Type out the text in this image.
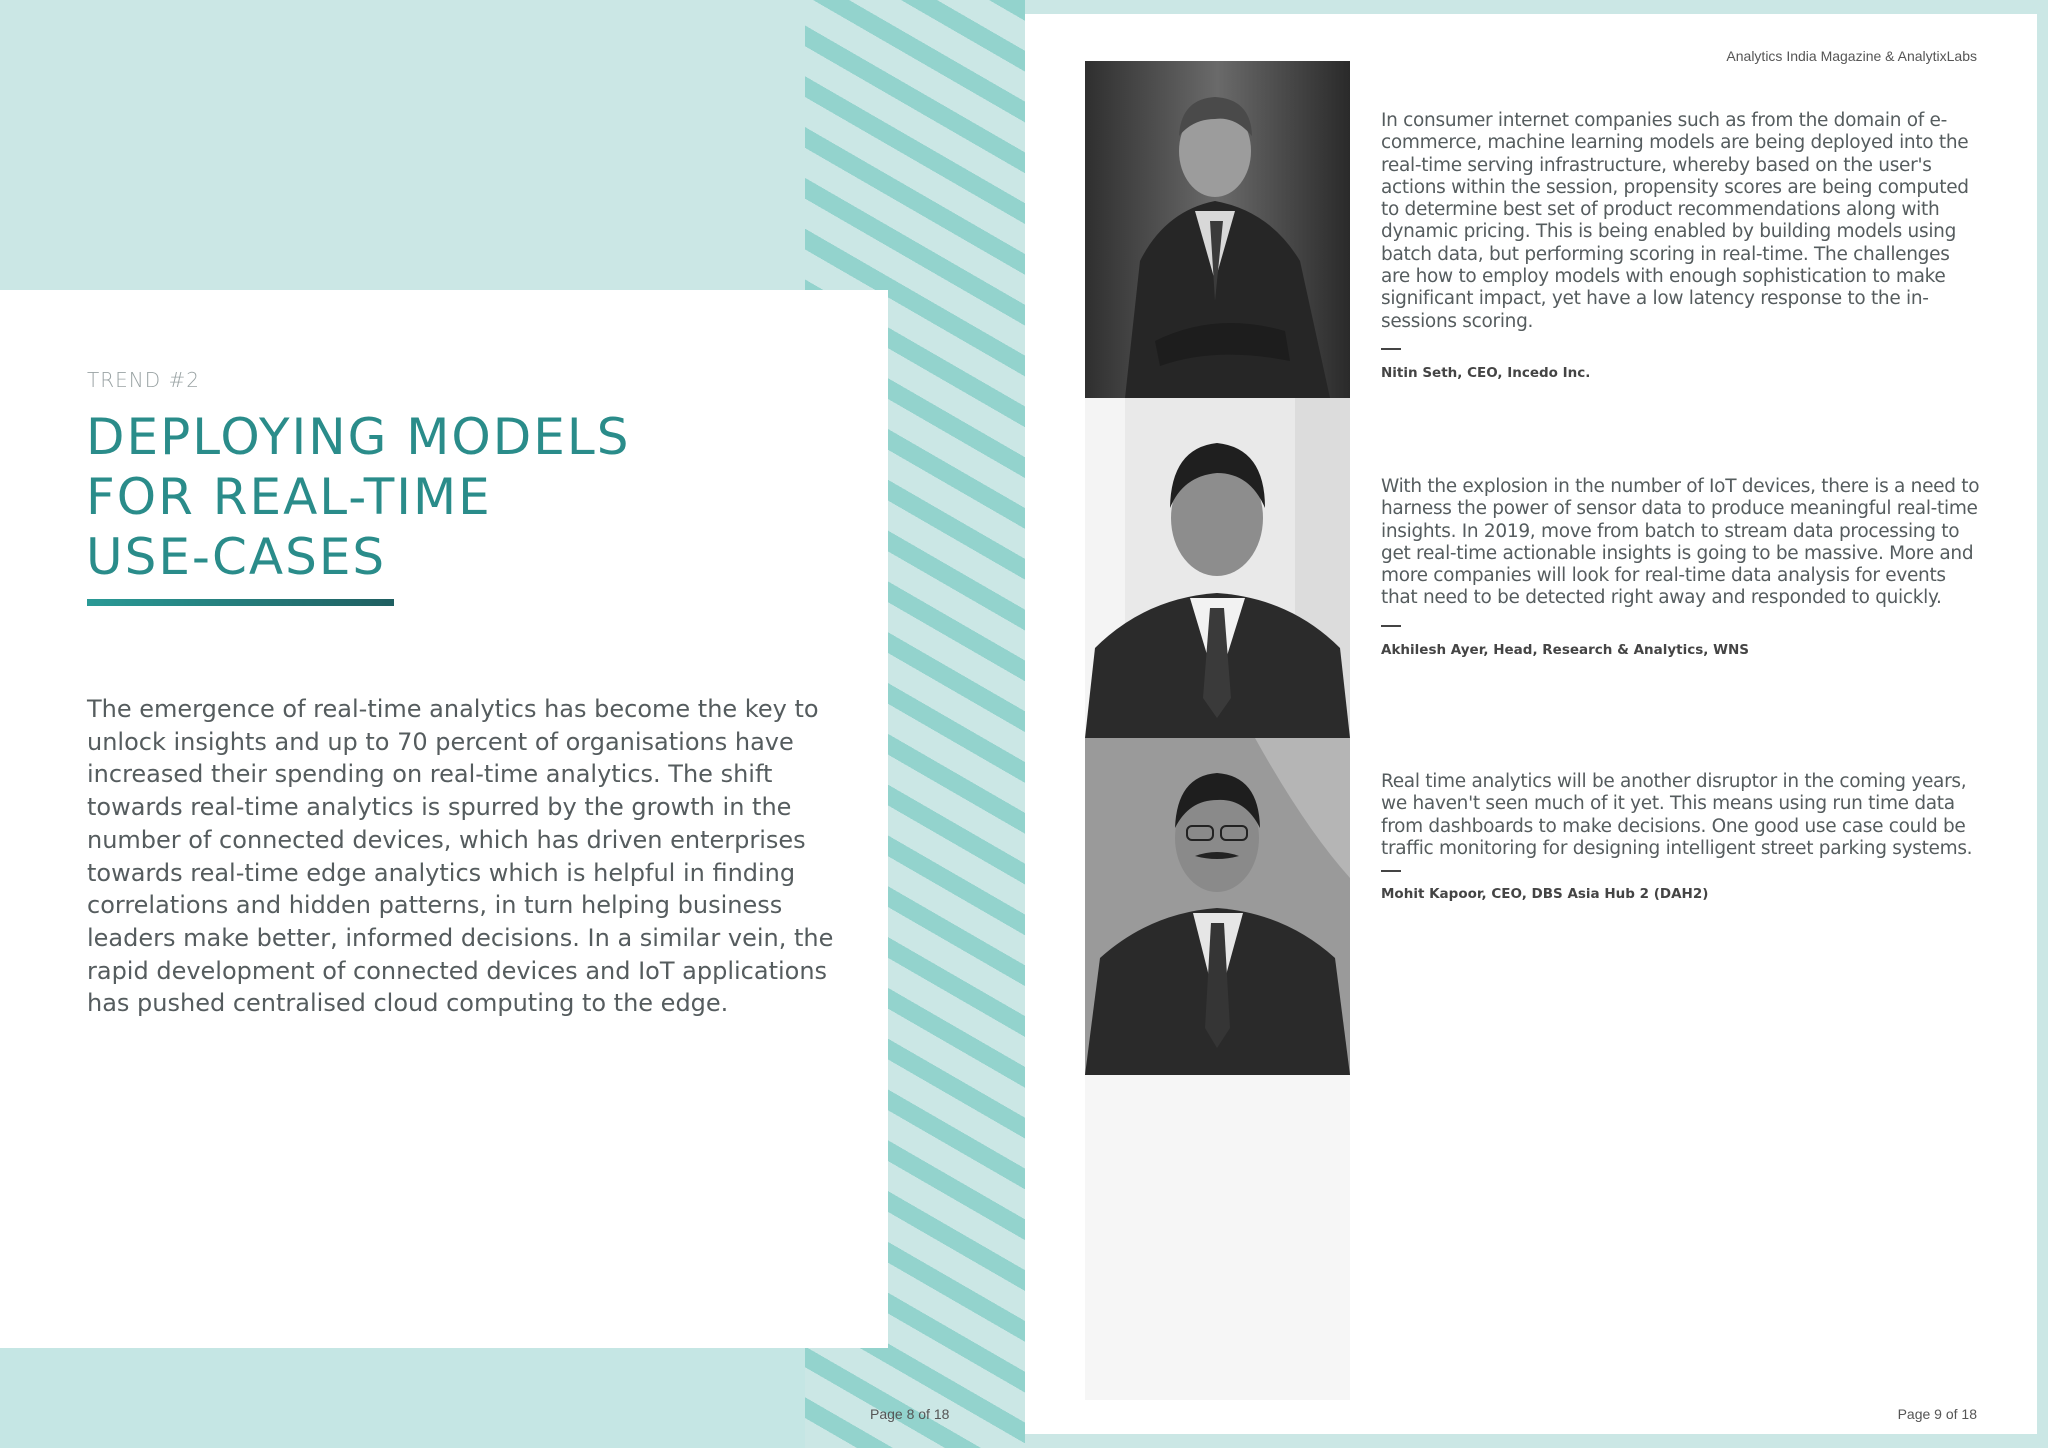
TREND #2
DEPLOYING MODELS
FOR REAL-TIME
USE-CASES

The emergence of real-time analytics has become the key to unlock insights and up to 70 percent of organisations have increased their spending on real-time analytics. The shift towards real-time analytics is spurred by the growth in the number of connected devices, which has driven enterprises towards real-time edge analytics which is helpful in finding correlations and hidden patterns, in turn helping business leaders make better, informed decisions. In a similar vein, the rapid development of connected devices and IoT applications has pushed centralised cloud computing to the edge.

Page 8 of 18
Analytics India Magazine & AnalytixLabs

In consumer internet companies such as from the domain of e-commerce, machine learning models are being deployed into the real-time serving infrastructure, whereby based on the user's actions within the session, propensity scores are being computed to determine best set of product recommendations along with dynamic pricing. This is being enabled by building models using batch data, but performing scoring in real-time. The challenges are how to employ models with enough sophistication to make significant impact, yet have a low latency response to the in-sessions scoring.

Nitin Seth, CEO, Incedo Inc.

With the explosion in the number of IoT devices, there is a need to harness the power of sensor data to produce meaningful real-time insights. In 2019, move from batch to stream data processing to get real-time actionable insights is going to be massive. More and more companies will look for real-time data analysis for events that need to be detected right away and responded to quickly.

Akhilesh Ayer, Head, Research & Analytics, WNS

Real time analytics will be another disruptor in the coming years, we haven't seen much of it yet. This means using run time data from dashboards to make decisions. One good use case could be traffic monitoring for designing intelligent street parking systems.

Mohit Kapoor, CEO, DBS Asia Hub 2 (DAH2)
Page 9 of 18
